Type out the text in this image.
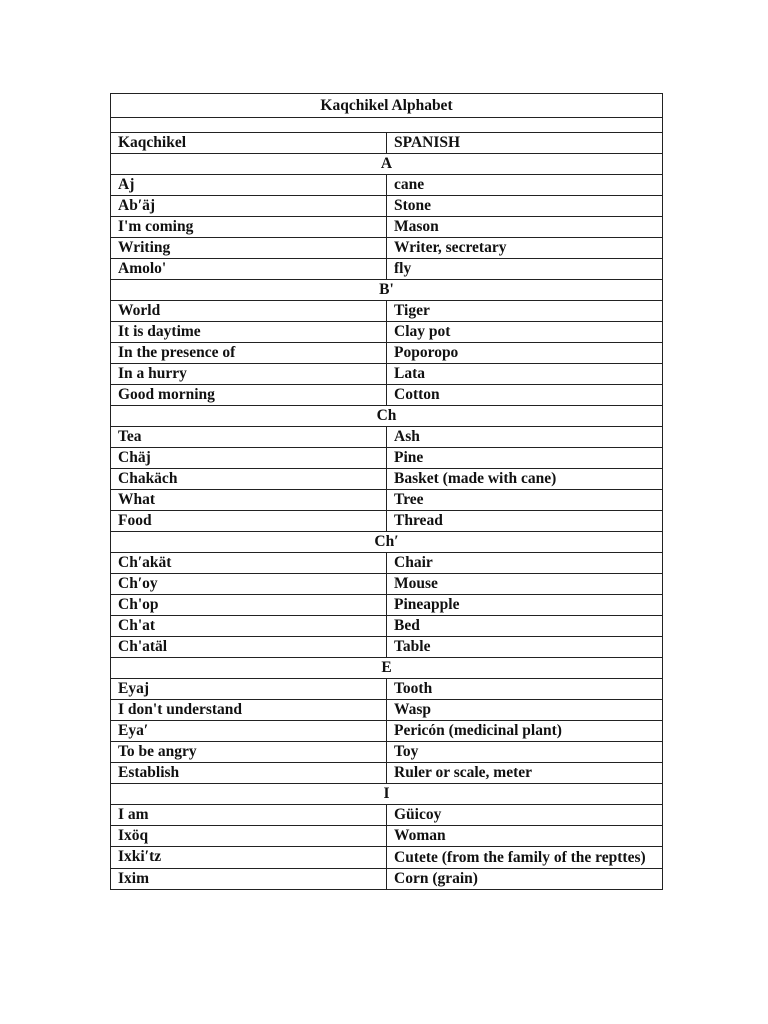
Kaqchikel Alphabet	

Kaqchikel	SPANISH
A	
Aj	cane
Ab′äj	Stone
I'm coming	Mason
Writing	Writer, secretary
Amolo'	fly
B'	
World	Tiger
It is daytime	Clay pot
In the presence of	Poporopo
In a hurry	Lata
Good morning	Cotton
Ch	
Tea	Ash
Chäj	Pine
Chakäch	Basket (made with cane)
What	Tree
Food	Thread
Ch′	
Ch′akät	Chair
Ch′oy	Mouse
Ch'op	Pineapple
Ch'at	Bed
Ch'atäl	Table
E	
Eyaj	Tooth
I don't understand	Wasp
Eya′	Pericón (medicinal plant)
To be angry	Toy
Establish	Ruler or scale, meter
I	
I am	Güicoy
Ixöq	Woman
Ixki′tz	Cutete (from the family of the repttes)
Ixim	Corn (grain)
